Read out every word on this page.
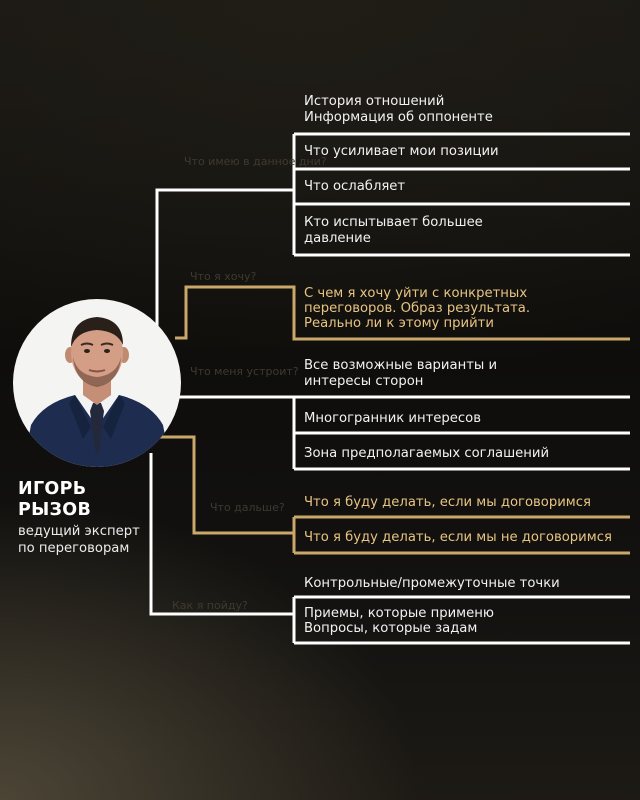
Что имею в данное дни?
Что я хочу?
Что меня устроит?
Что дальше?
Как я пойду?
История отношений
Информация об оппоненте
Что усиливает мои позиции
Что ослабляет
Кто испытывает большее
давление
С чем я хочу уйти с конкретных
переговоров. Образ результата.
Реально ли к этому прийти
Все возможные варианты и
интересы сторон
Многогранник интересов
Зона предполагаемых соглашений
Что я буду делать, если мы договоримся
Что я буду делать, если мы не договоримся
Контрольные/промежуточные точки
Приемы, которые применю
Вопросы, которые задам
ИГОРЬ
РЫЗОВ
ведущий эксперт
по переговорам
